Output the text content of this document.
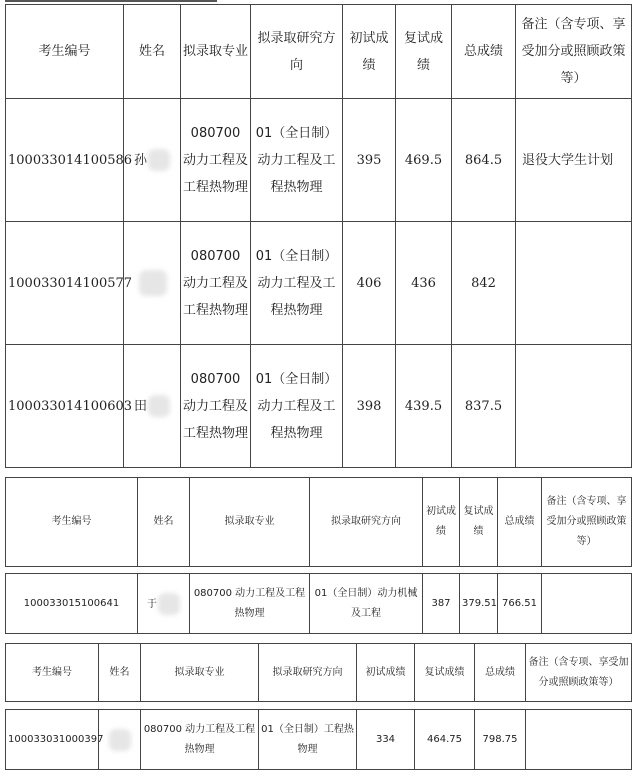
考生编号	姓名	拟录取专业	拟录取研究方向	初试成绩	复试成绩	总成绩	备注（含专项、享受加分或照顾政策等）
100033014100586	孙	080700 动力工程及工程热物理	01（全日制）动力工程及工程热物理	395	469.5	864.5	退役大学生计划
100033014100577		080700 动力工程及工程热物理	01（全日制）动力工程及工程热物理	406	436	842	
100033014100603	田	080700 动力工程及工程热物理	01（全日制）动力工程及工程热物理	398	439.5	837.5	
考生编号	姓名	拟录取专业	拟录取研究方向	初试成绩	复试成绩	总成绩	备注（含专项、享受加分或照顾政策等）

100033015100641	于	080700 动力工程及工程热物理	01（全日制）动力机械及工程	387	379.51	766.51	
考生编号	姓名	拟录取专业	拟录取研究方向	初试成绩	复试成绩	总成绩	备注（含专项、享受加分或照顾政策等）

100033031000397		080700 动力工程及工程热物理	01（全日制）工程热物理	334	464.75	798.75	
